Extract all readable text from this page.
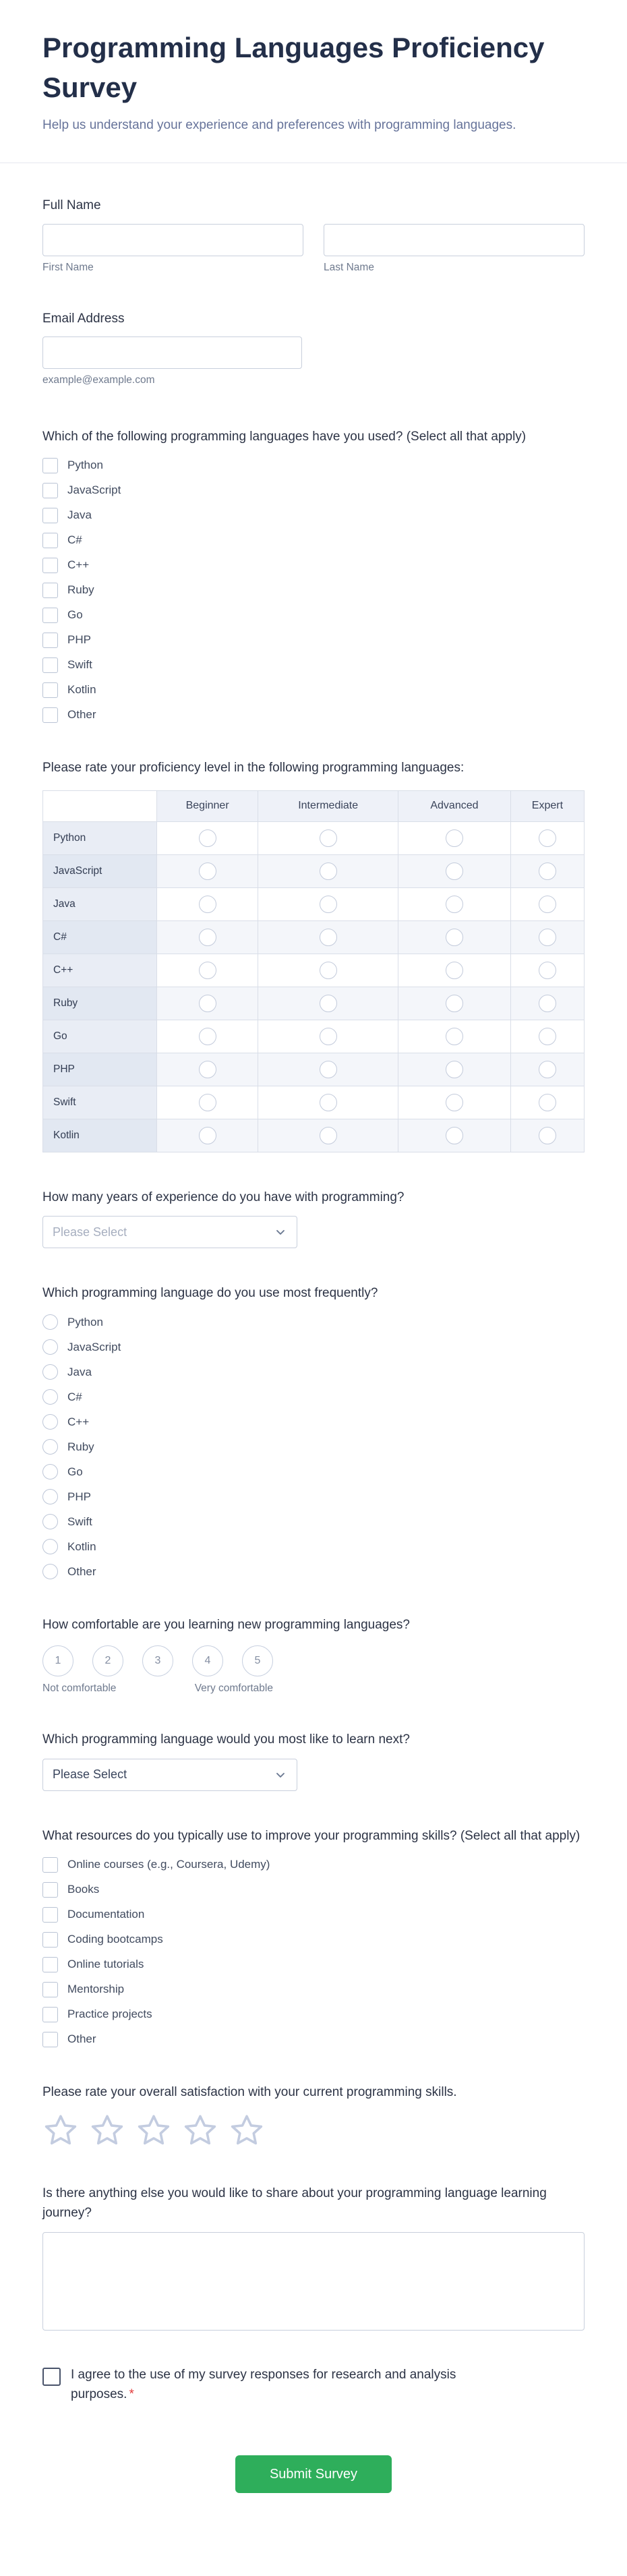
Programming Languages Proficiency Survey
Help us understand your experience and preferences with programming languages.
Full Name
First Name	Last Name
Email Address
example@example.com
Which of the following programming languages have you used? (Select all that apply)
Python
JavaScript
Java
C#
C++
Ruby
Go
PHP
Swift
Kotlin
Other
Please rate your proficiency level in the following programming languages:
	Beginner	Intermediate	Advanced	Expert
Python				
JavaScript				
Java				
C#				
C++				
Ruby				
Go				
PHP				
Swift				
Kotlin				
How many years of experience do you have with programming?
Please Select
Which programming language do you use most frequently?
Python
JavaScript
Java
C#
C++
Ruby
Go
PHP
Swift
Kotlin
Other
How comfortable are you learning new programming languages?
1	2	3	4	5
Not comfortable	Very comfortable
Which programming language would you most like to learn next?
Please Select
What resources do you typically use to improve your programming skills? (Select all that apply)
Online courses (e.g., Coursera, Udemy)
Books
Documentation
Coding bootcamps
Online tutorials
Mentorship
Practice projects
Other
Please rate your overall satisfaction with your current programming skills.
Is there anything else you would like to share about your programming language learning journey?
I agree to the use of my survey responses for research and analysis purposes. *
Submit Survey
